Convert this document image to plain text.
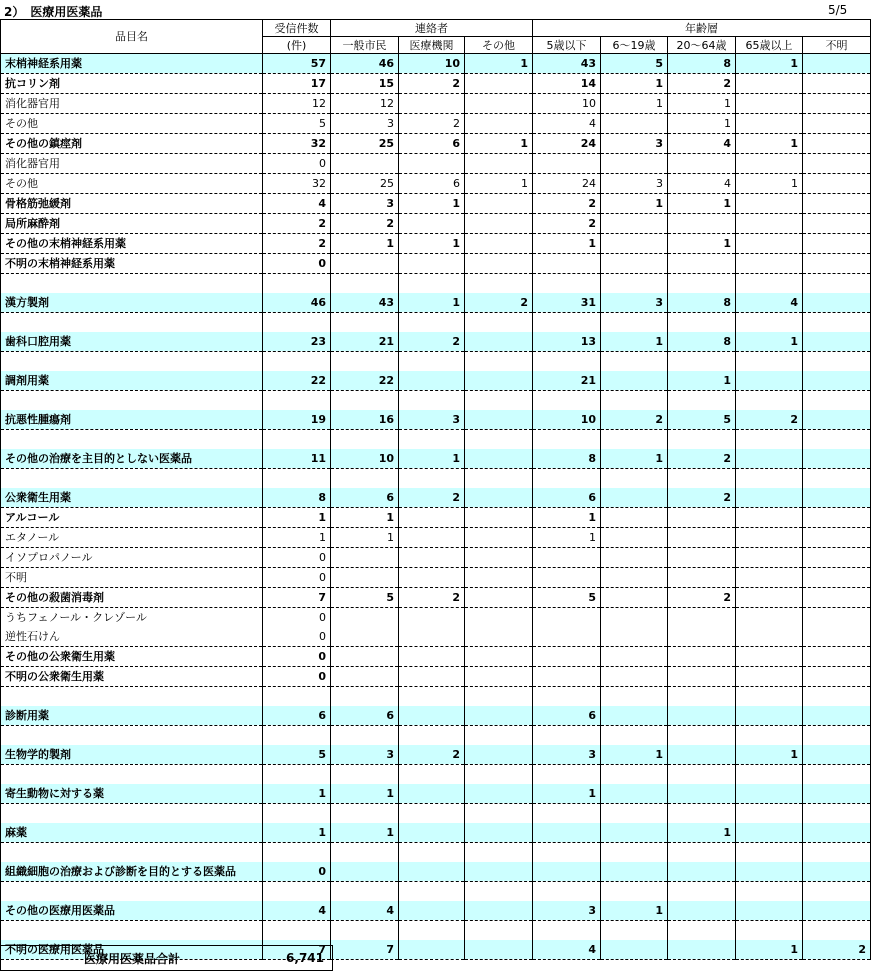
2）　医療用医薬品	5/5
品目名	受信件数	連絡者			年齢層				
	(件)	一般市民	医療機関	その他	5歳以下	6～19歳	20～64歳	65歳以上	不明
末梢神経系用薬	57	46	10	1	43	5	8	1	
抗コリン剤	17	15	2		14	1	2		
消化器官用	12	12			10	1	1		
その他	5	3	2		4		1		
その他の鎮痙剤	32	25	6	1	24	3	4	1	
消化器官用	0								
その他	32	25	6	1	24	3	4	1	
骨格筋弛緩剤	4	3	1		2	1	1		
局所麻酔剤	2	2			2				
その他の末梢神経系用薬	2	1	1		1		1		
不明の末梢神経系用薬	0								

漢方製剤	46	43	1	2	31	3	8	4	

歯科口腔用薬	23	21	2		13	1	8	1	

調剤用薬	22	22			21		1		

抗悪性腫瘍剤	19	16	3		10	2	5	2	

その他の治療を主目的としない医薬品	11	10	1		8	1	2		

公衆衛生用薬	8	6	2		6		2		
アルコール	1	1			1				
エタノール	1	1			1				
イソプロパノール	0								
不明	0								
その他の殺菌消毒剤	7	5	2		5		2		
うちフェノール・クレゾール	0								
逆性石けん	0								
その他の公衆衛生用薬	0								
不明の公衆衛生用薬	0								

診断用薬	6	6			6				

生物学的製剤	5	3	2		3	1		1	

寄生動物に対する薬	1	1			1				

麻薬	1	1					1		

組織細胞の治療および診断を目的とする医薬品	0								

その他の医療用医薬品	4	4			3	1			

不明の医療用医薬品	7	7			4			1	2
医療用医薬品合計	6,741
